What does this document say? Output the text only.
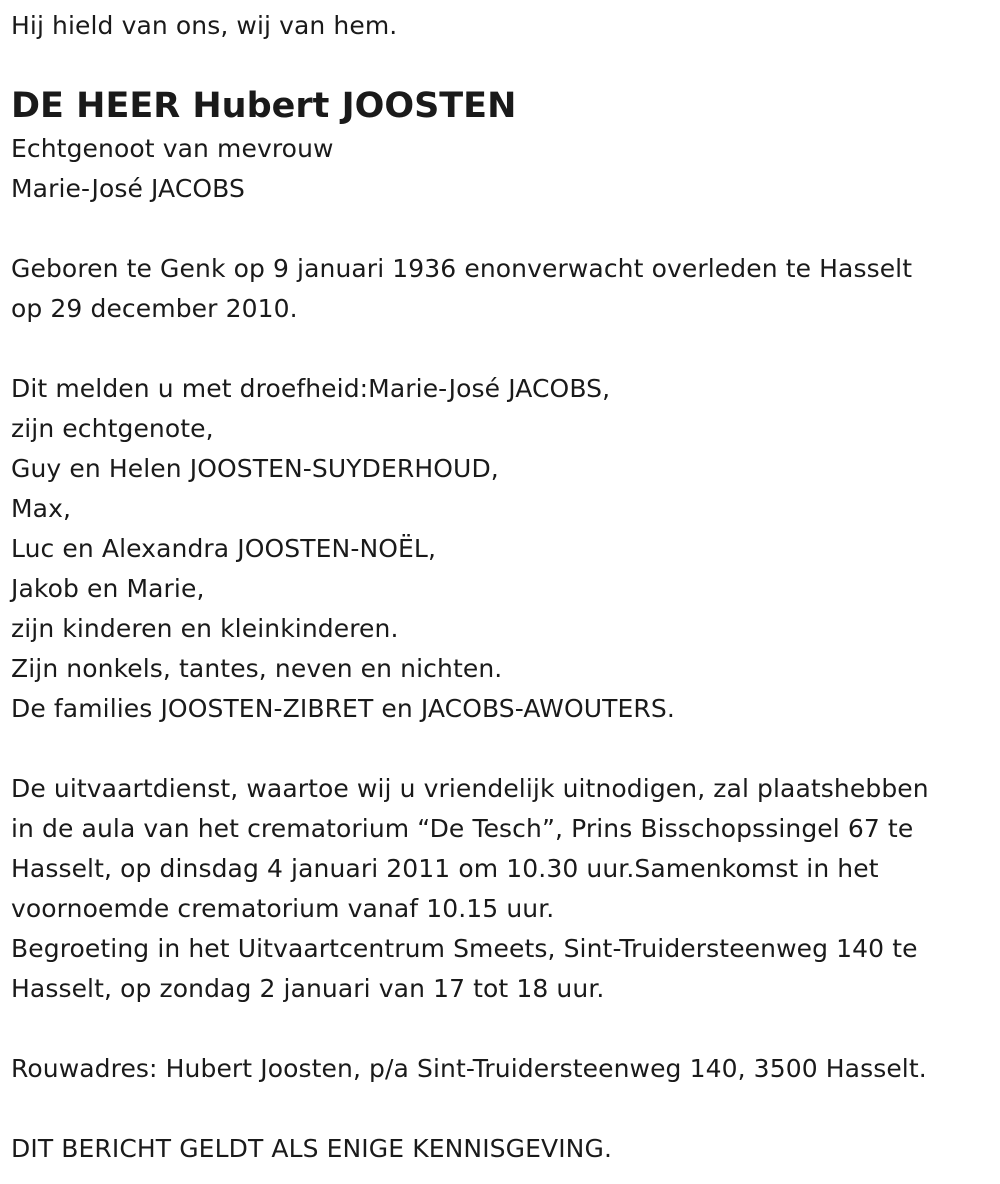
Hij hield van ons, wij van hem.
DE HEER Hubert JOOSTEN
Echtgenoot van mevrouw
Marie-José JACOBS
Geboren te Genk op 9 januari 1936 enonverwacht overleden te Hasselt
op 29 december 2010.
Dit melden u met droefheid:Marie-José JACOBS,
zijn echtgenote,
Guy en Helen JOOSTEN-SUYDERHOUD,
Max,
Luc en Alexandra JOOSTEN-NOËL,
Jakob en Marie,
zijn kinderen en kleinkinderen.
Zijn nonkels, tantes, neven en nichten.
De families JOOSTEN-ZIBRET en JACOBS-AWOUTERS.
De uitvaartdienst, waartoe wij u vriendelijk uitnodigen, zal plaatshebben
in de aula van het crematorium “De Tesch”, Prins Bisschopssingel 67 te
Hasselt, op dinsdag 4 januari 2011 om 10.30 uur.Samenkomst in het
voornoemde crematorium vanaf 10.15 uur.
Begroeting in het Uitvaartcentrum Smeets, Sint-Truidersteenweg 140 te
Hasselt, op zondag 2 januari van 17 tot 18 uur.
Rouwadres: Hubert Joosten, p/a Sint-Truidersteenweg 140, 3500 Hasselt.
DIT BERICHT GELDT ALS ENIGE KENNISGEVING.
